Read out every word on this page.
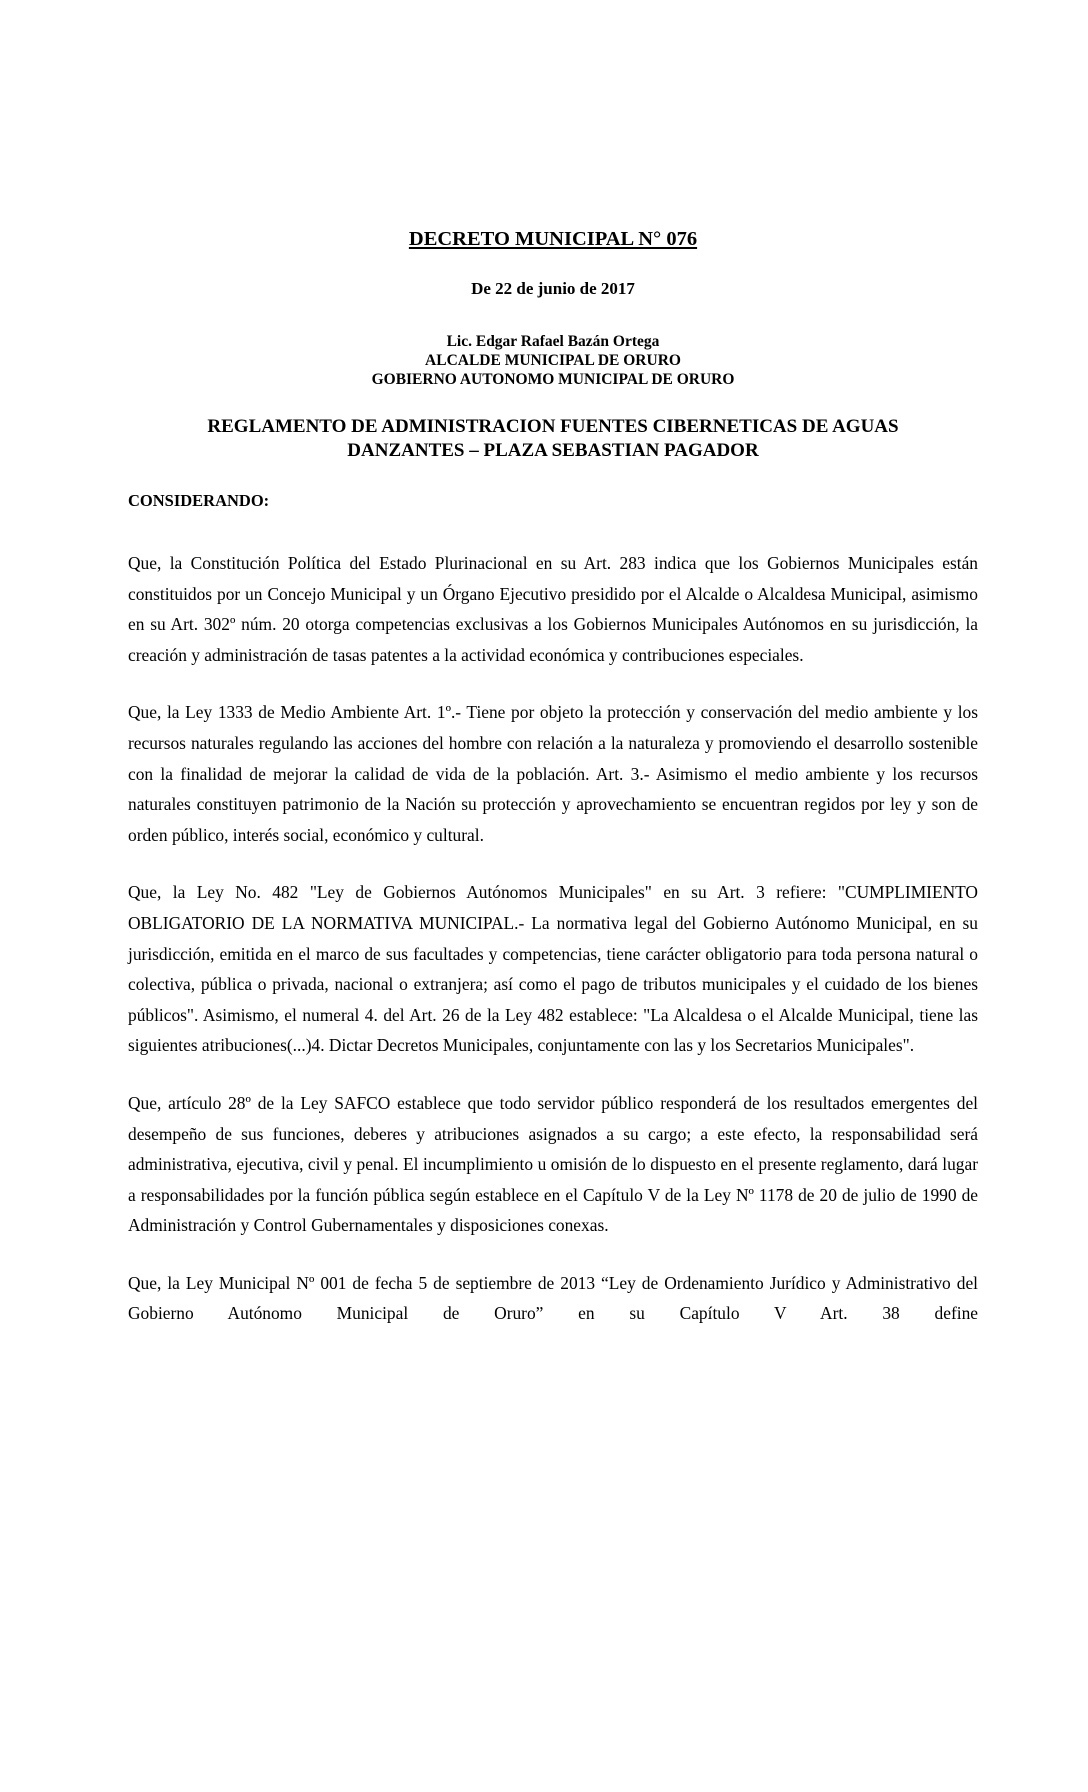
DECRETO MUNICIPAL N° 076
De 22 de junio de 2017
Lic. Edgar Rafael Bazán Ortega
ALCALDE MUNICIPAL DE ORURO
GOBIERNO AUTONOMO MUNICIPAL DE ORURO
REGLAMENTO DE ADMINISTRACION FUENTES CIBERNETICAS DE AGUAS
DANZANTES – PLAZA SEBASTIAN PAGADOR
CONSIDERANDO:

Que, la Constitución Política del Estado Plurinacional en su Art. 283 indica que los Gobiernos Municipales están constituidos por un Concejo Municipal y un Órgano Ejecutivo presidido por el Alcalde o Alcaldesa Municipal, asimismo en su Art. 302º núm. 20 otorga competencias exclusivas a los Gobiernos Municipales Autónomos en su jurisdicción, la creación y administración de tasas patentes a la actividad económica y contribuciones especiales.

Que, la Ley 1333 de Medio Ambiente Art. 1º.- Tiene por objeto la protección y conservación del medio ambiente y los recursos naturales regulando las acciones del hombre con relación a la naturaleza y promoviendo el desarrollo sostenible con la finalidad de mejorar la calidad de vida de la población. Art. 3.- Asimismo el medio ambiente y los recursos naturales constituyen patrimonio de la Nación su protección y aprovechamiento se encuentran regidos por ley y son de orden público, interés social, económico y cultural.

Que, la Ley No. 482 "Ley de Gobiernos Autónomos Municipales" en su Art. 3 refiere: "CUMPLIMIENTO OBLIGATORIO DE LA NORMATIVA MUNICIPAL.- La normativa legal del Gobierno Autónomo Municipal, en su jurisdicción, emitida en el marco de sus facultades y competencias, tiene carácter obligatorio para toda persona natural o colectiva, pública o privada, nacional o extranjera; así como el pago de tributos municipales y el cuidado de los bienes públicos". Asimismo, el numeral 4. del Art. 26 de la Ley 482 establece: "La Alcaldesa o el Alcalde Municipal, tiene las siguientes atribuciones(...)4. Dictar Decretos Municipales, conjuntamente con las y los Secretarios Municipales".

Que, artículo 28º de la Ley SAFCO establece que todo servidor público responderá de los resultados emergentes del desempeño de sus funciones, deberes y atribuciones asignados a su cargo; a este efecto, la responsabilidad será administrativa, ejecutiva, civil y penal. El incumplimiento u omisión de lo dispuesto en el presente reglamento, dará lugar a responsabilidades por la función pública según establece en el Capítulo V de la Ley Nº 1178 de 20 de julio de 1990 de Administración y Control Gubernamentales y disposiciones conexas.

Que, la Ley Municipal Nº 001 de fecha 5 de septiembre de 2013 “Ley de Ordenamiento Jurídico y Administrativo del Gobierno Autónomo Municipal de Oruro” en su Capítulo V Art. 38 define
